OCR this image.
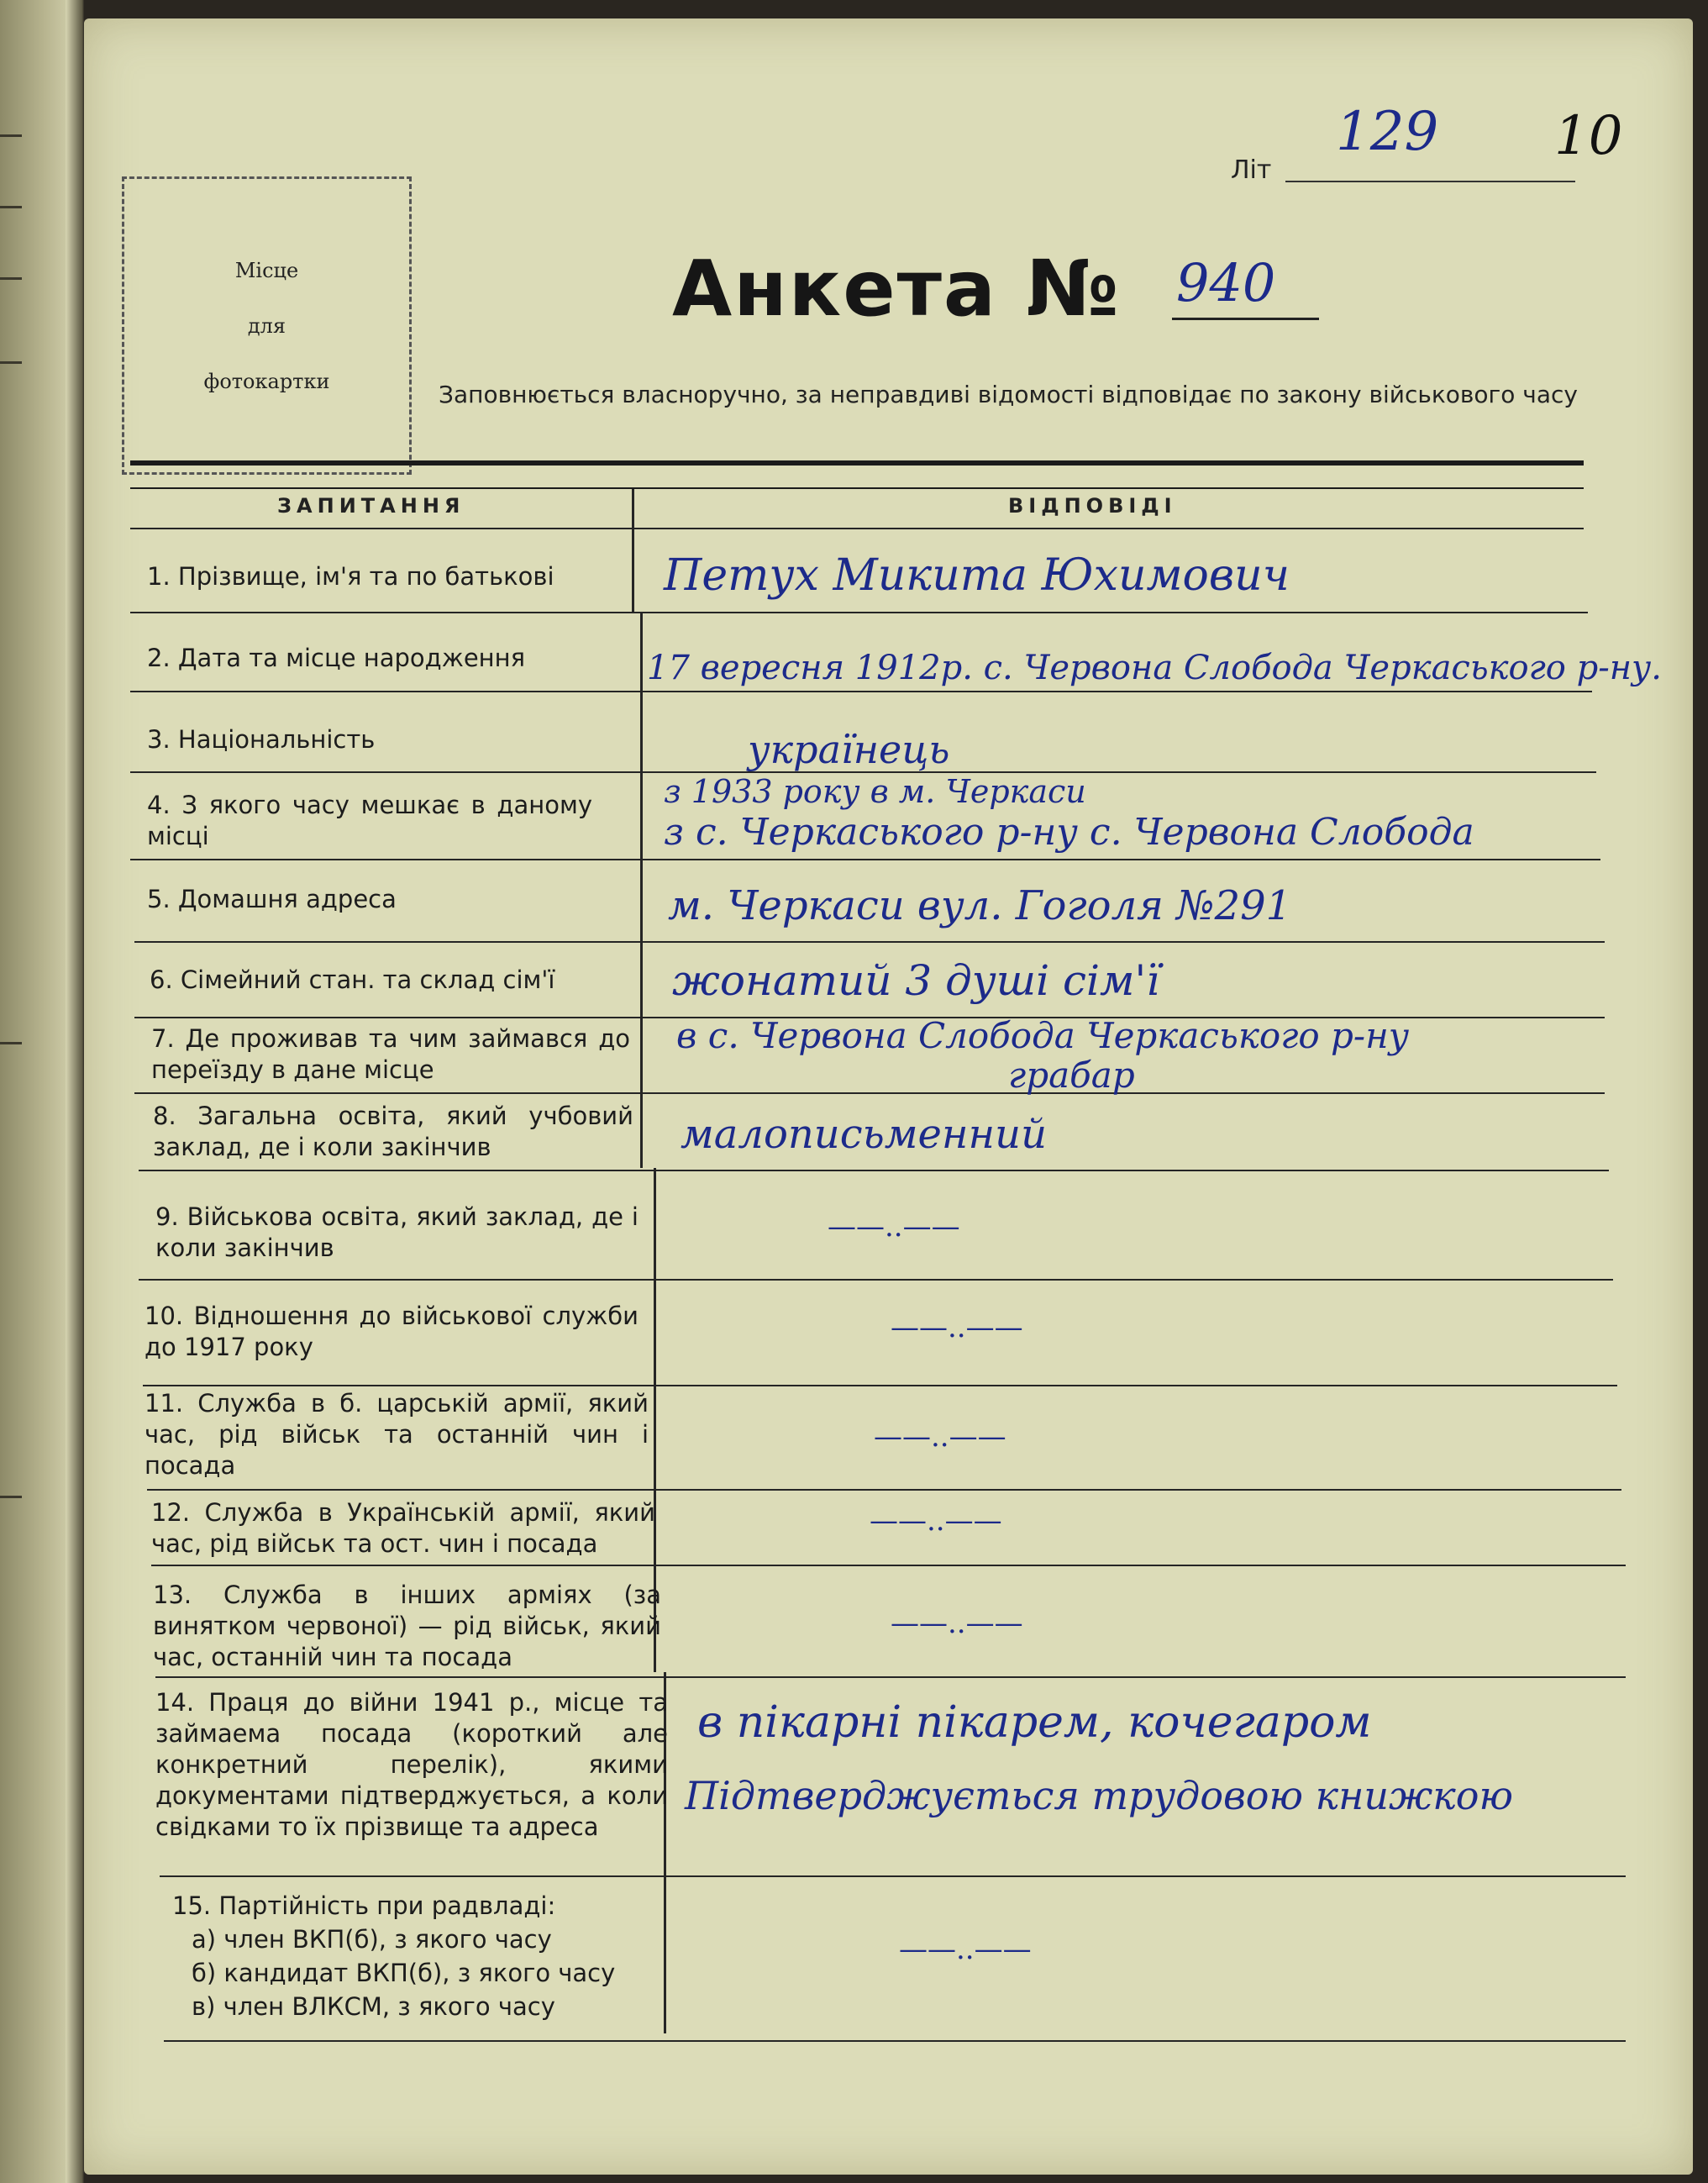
Літ
129 10
Місце
для
фотокартки
Анкета № 940
Заповнюється власноручно, за неправдиві відомості відповідає по закону військового часу
ЗАПИТАННЯ	ВІДПОВІДІ
1. Прізвище, ім'я та по батькові
2. Дата та місце народження
3. Національність
4. З якого часу мешкає в даному місці
5. Домашня адреса
6. Сімейний стан. та склад сім'ї
7. Де проживав та чим займався до переїзду в дане місце
8. Загальна освіта, який учбовий заклад, де і коли закінчив
9. Військова освіта, який заклад, де і коли закінчив
10. Відношення до військової служби до 1917 року
11. Служба в б. царській армії, який час, рід військ та останній чин і посада
12. Служба в Українській армії, який час, рід військ та ост. чин і посада
13. Служба в інших арміях (за винятком червоної) — рід військ, який час, останній чин та посада
14. Праця до війни 1941 р., місце та займаема посада (короткий але конкретний перелік), якими документами підтверджується, а коли свідками то їх прізвище та адреса
15. Партійність при радвладі:
а) член ВКП(б), з якого часу
б) кандидат ВКП(б), з якого часу
в) член ВЛКСМ, з якого часу
Петух Микита Юхимович
17 вересня 1912р. с. Червона Слобода Черкаського р-ну.
українець
з 1933 року в м. Черкаси
з с. Черкаського р-ну с. Червона Слобода
м. Черкаси вул. Гоголя №291
жонатий 3 душі сім'ї
в с. Червона Слобода Черкаського р-ну
грабар
малописьменний
——..——
——..——
——..——
——..——
——..——
в пікарні пікарем, кочегаром
Підтверджується трудовою книжкою
——..——
